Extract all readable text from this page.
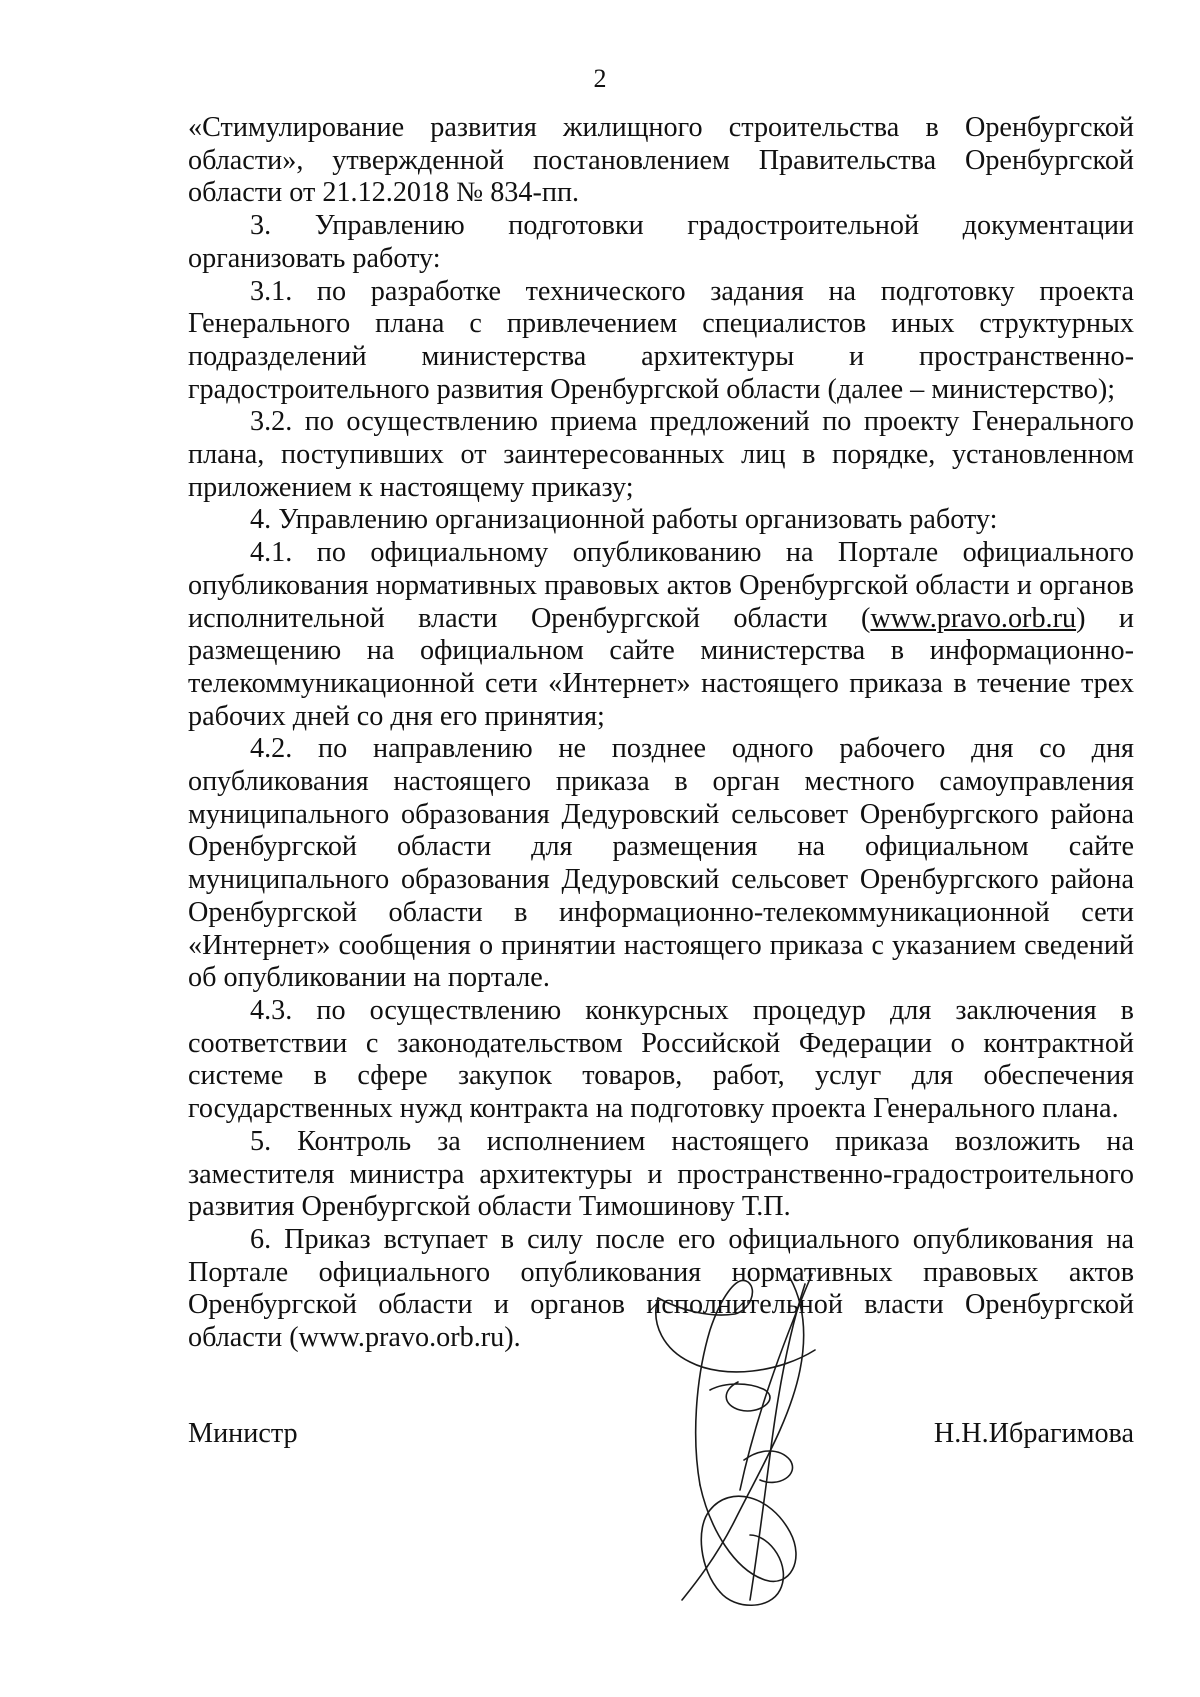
2

«Стимулирование развития жилищного строительства в Оренбургской области», утвержденной постановлением Правительства Оренбургской области от 21.12.2018 № 834-пп.

3. Управлению подготовки градостроительной документации организовать работу:

3.1. по разработке технического задания на подготовку проекта Генерального плана с привлечением специалистов иных структурных подразделений министерства архитектуры и пространственно-градостроительного развития Оренбургской области (далее – министерство);

3.2. по осуществлению приема предложений по проекту Генерального плана, поступивших от заинтересованных лиц в порядке, установленном приложением к настоящему приказу;

4. Управлению организационной работы организовать работу:

4.1. по официальному опубликованию на Портале официального опубликования нормативных правовых актов Оренбургской области и органов исполнительной власти Оренбургской области (www.pravo.orb.ru) и размещению на официальном сайте министерства в информационно-телекоммуникационной сети «Интернет» настоящего приказа в течение трех рабочих дней со дня его принятия;

4.2. по направлению не позднее одного рабочего дня со дня опубликования настоящего приказа в орган местного самоуправления муниципального образования Дедуровский сельсовет Оренбургского района Оренбургской области для размещения на официальном сайте муниципального образования Дедуровский сельсовет Оренбургского района Оренбургской области в информационно-телекоммуникационной сети «Интернет» сообщения о принятии настоящего приказа с указанием сведений об опубликовании на портале.

4.3. по осуществлению конкурсных процедур для заключения в соответствии с законодательством Российской Федерации о контрактной системе в сфере закупок товаров, работ, услуг для обеспечения государственных нужд контракта на подготовку проекта Генерального плана.

5. Контроль за исполнением настоящего приказа возложить на заместителя министра архитектуры и пространственно-градостроительного развития Оренбургской области Тимошинову Т.П.

6. Приказ вступает в силу после его официального опубликования на Портале официального опубликования нормативных правовых актов Оренбургской области и органов исполнительной власти Оренбургской области (www.pravo.orb.ru).

Министр	Н.Н.Ибрагимова
